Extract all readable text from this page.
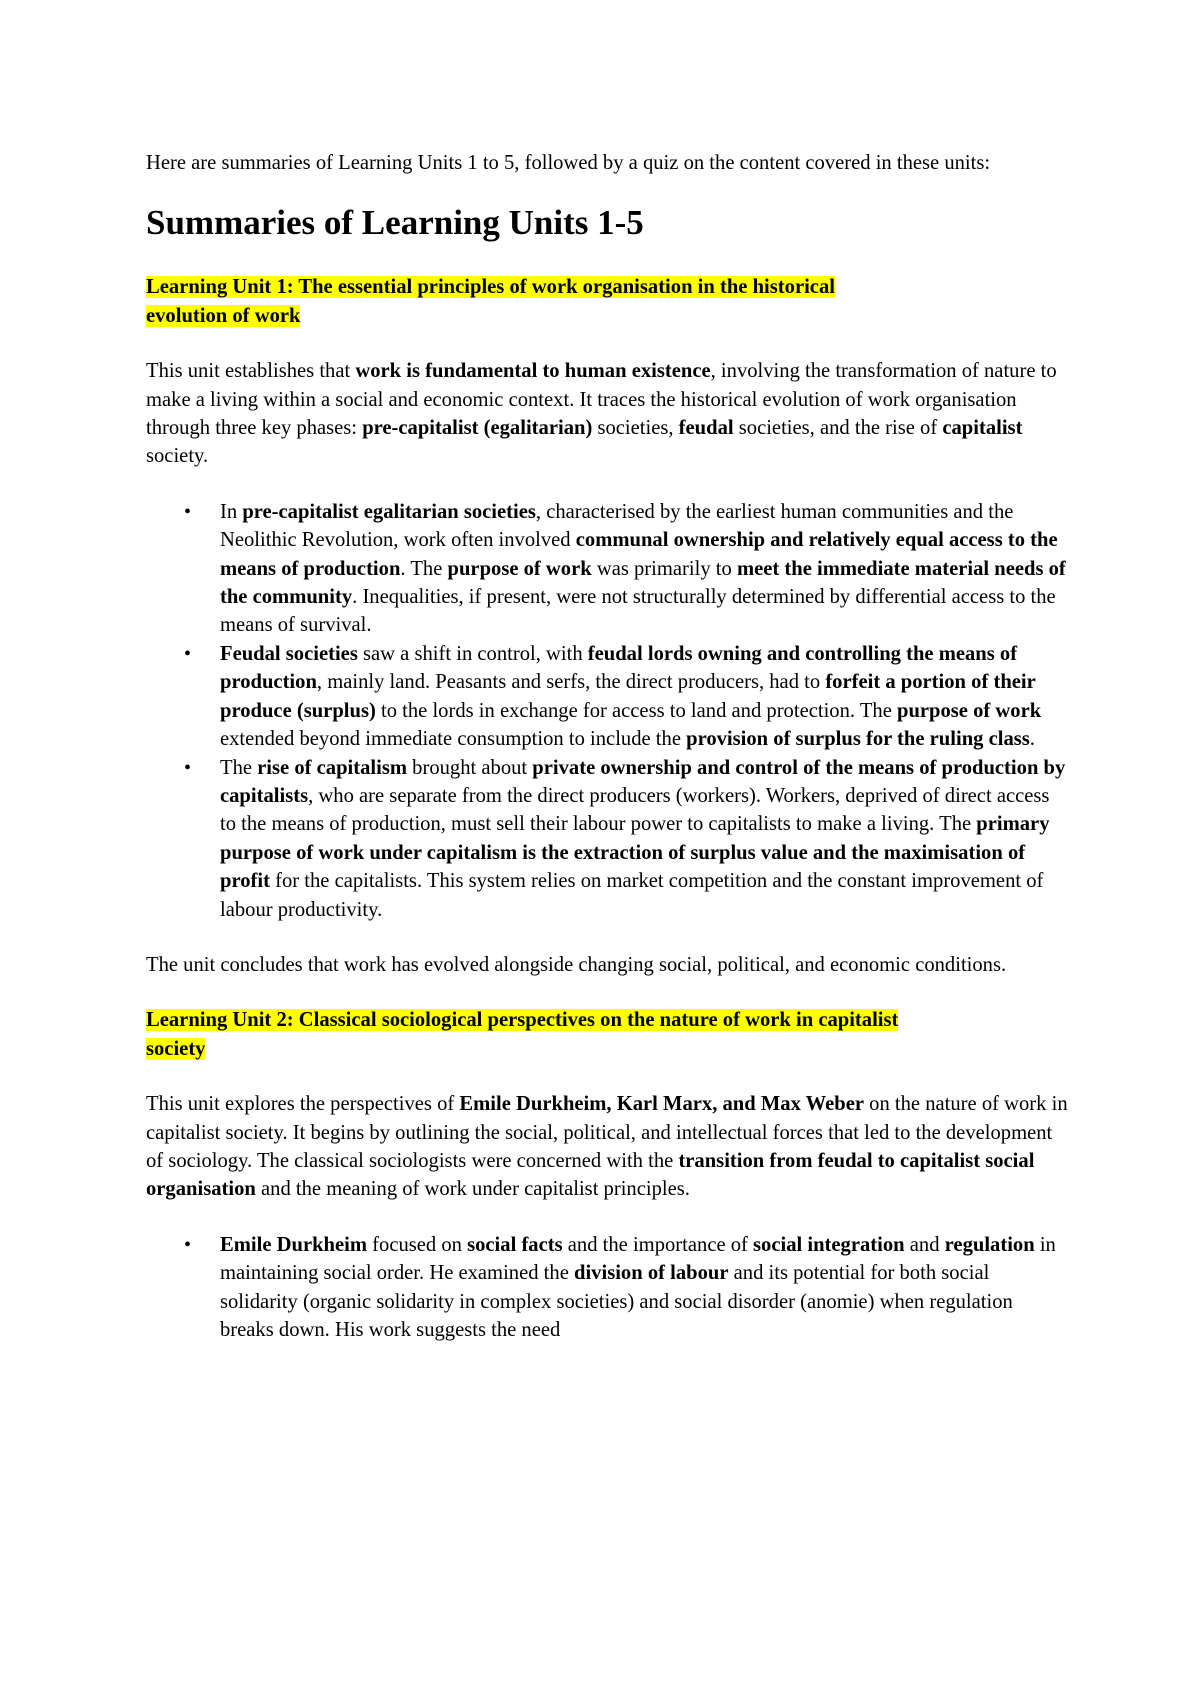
Here are summaries of Learning Units 1 to 5, followed by a quiz on the content covered in these units:

Summaries of Learning Units 1-5
Learning Unit 1: The essential principles of work organisation in the historical
evolution of work

This unit establishes that work is fundamental to human existence, involving the transformation of nature to make a living within a social and economic context. It traces the historical evolution of work organisation through three key phases: pre-capitalist (egalitarian) societies, feudal societies, and the rise of capitalist society.

• In pre-capitalist egalitarian societies, characterised by the earliest human communities and the Neolithic Revolution, work often involved communal ownership and relatively equal access to the means of production. The purpose of work was primarily to meet the immediate material needs of the community. Inequalities, if present, were not structurally determined by differential access to the means of survival.
• Feudal societies saw a shift in control, with feudal lords owning and controlling the means of production, mainly land. Peasants and serfs, the direct producers, had to forfeit a portion of their produce (surplus) to the lords in exchange for access to land and protection. The purpose of work extended beyond immediate consumption to include the provision of surplus for the ruling class.
• The rise of capitalism brought about private ownership and control of the means of production by capitalists, who are separate from the direct producers (workers). Workers, deprived of direct access to the means of production, must sell their labour power to capitalists to make a living. The primary purpose of work under capitalism is the extraction of surplus value and the maximisation of profit for the capitalists. This system relies on market competition and the constant improvement of labour productivity.

The unit concludes that work has evolved alongside changing social, political, and economic conditions.

Learning Unit 2: Classical sociological perspectives on the nature of work in capitalist
society

This unit explores the perspectives of Emile Durkheim, Karl Marx, and Max Weber on the nature of work in capitalist society. It begins by outlining the social, political, and intellectual forces that led to the development of sociology. The classical sociologists were concerned with the transition from feudal to capitalist social organisation and the meaning of work under capitalist principles.

• Emile Durkheim focused on social facts and the importance of social integration and regulation in maintaining social order. He examined the division of labour and its potential for both social solidarity (organic solidarity in complex societies) and social disorder (anomie) when regulation breaks down. His work suggests the need
